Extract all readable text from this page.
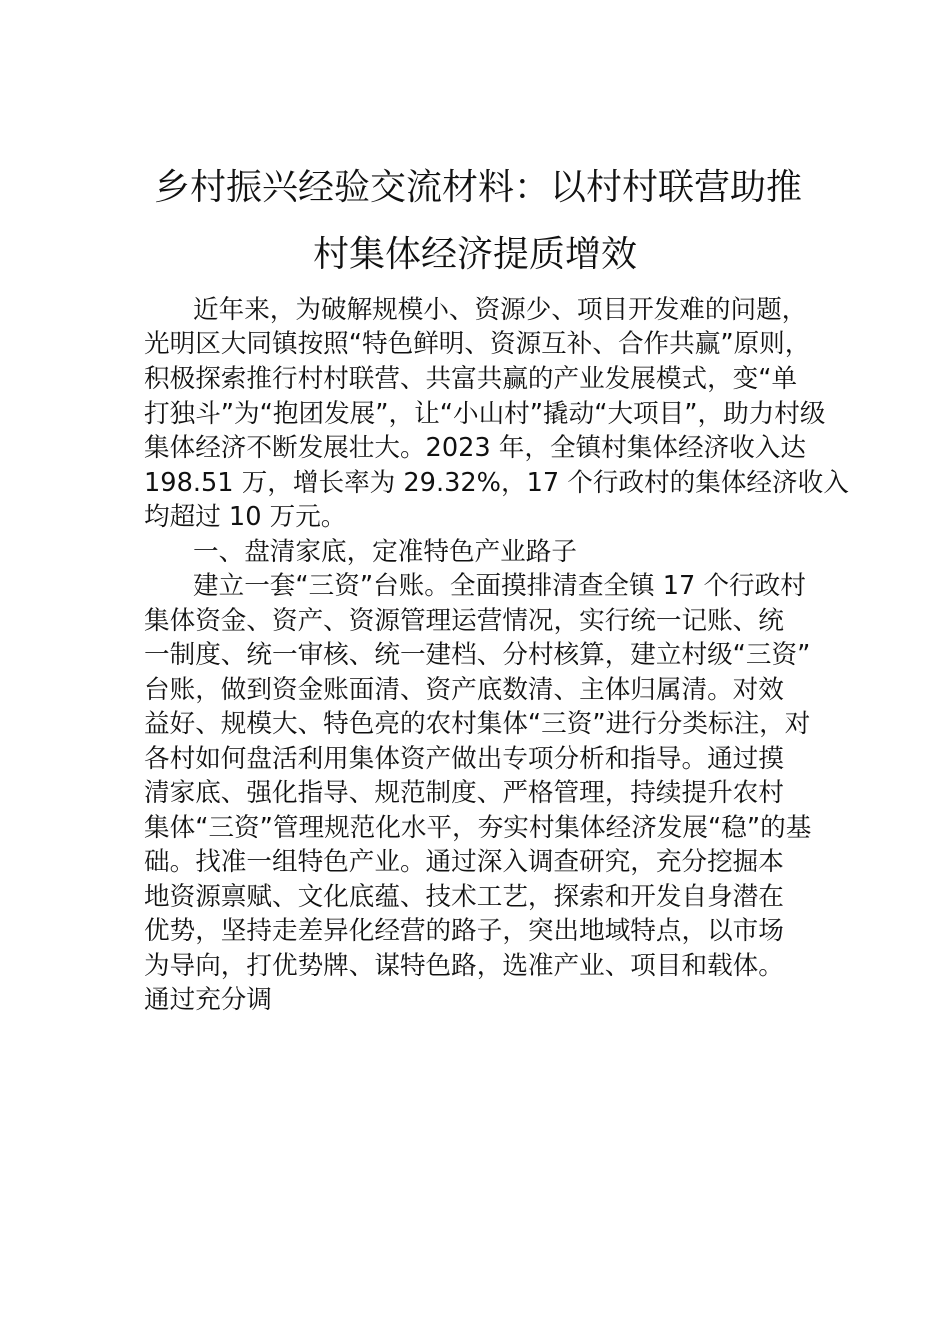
乡村振兴经验交流材料：以村村联营助推
村集体经济提质增效
近年来，为破解规模小、资源少、项目开发难的问题，
光明区大同镇按照“特色鲜明、资源互补、合作共赢”原则，
积极探索推行村村联营、共富共赢的产业发展模式，变“单
打独斗”为“抱团发展”，让“小山村”撬动“大项目”，助力村级
集体经济不断发展壮大。2023 年，全镇村集体经济收入达
198.51 万，增长率为 29.32%，17 个行政村的集体经济收入
均超过 10 万元。
一、盘清家底，定准特色产业路子
建立一套“三资”台账。全面摸排清查全镇 17 个行政村
集体资金、资产、资源管理运营情况，实行统一记账、统
一制度、统一审核、统一建档、分村核算，建立村级“三资”
台账，做到资金账面清、资产底数清、主体归属清。对效
益好、规模大、特色亮的农村集体“三资”进行分类标注，对
各村如何盘活利用集体资产做出专项分析和指导。通过摸
清家底、强化指导、规范制度、严格管理，持续提升农村
集体“三资”管理规范化水平，夯实村集体经济发展“稳”的基
础。找准一组特色产业。通过深入调查研究，充分挖掘本
地资源禀赋、文化底蕴、技术工艺，探索和开发自身潜在
优势，坚持走差异化经营的路子，突出地域特点，以市场
为导向，打优势牌、谋特色路，选准产业、项目和载体。
通过充分调
